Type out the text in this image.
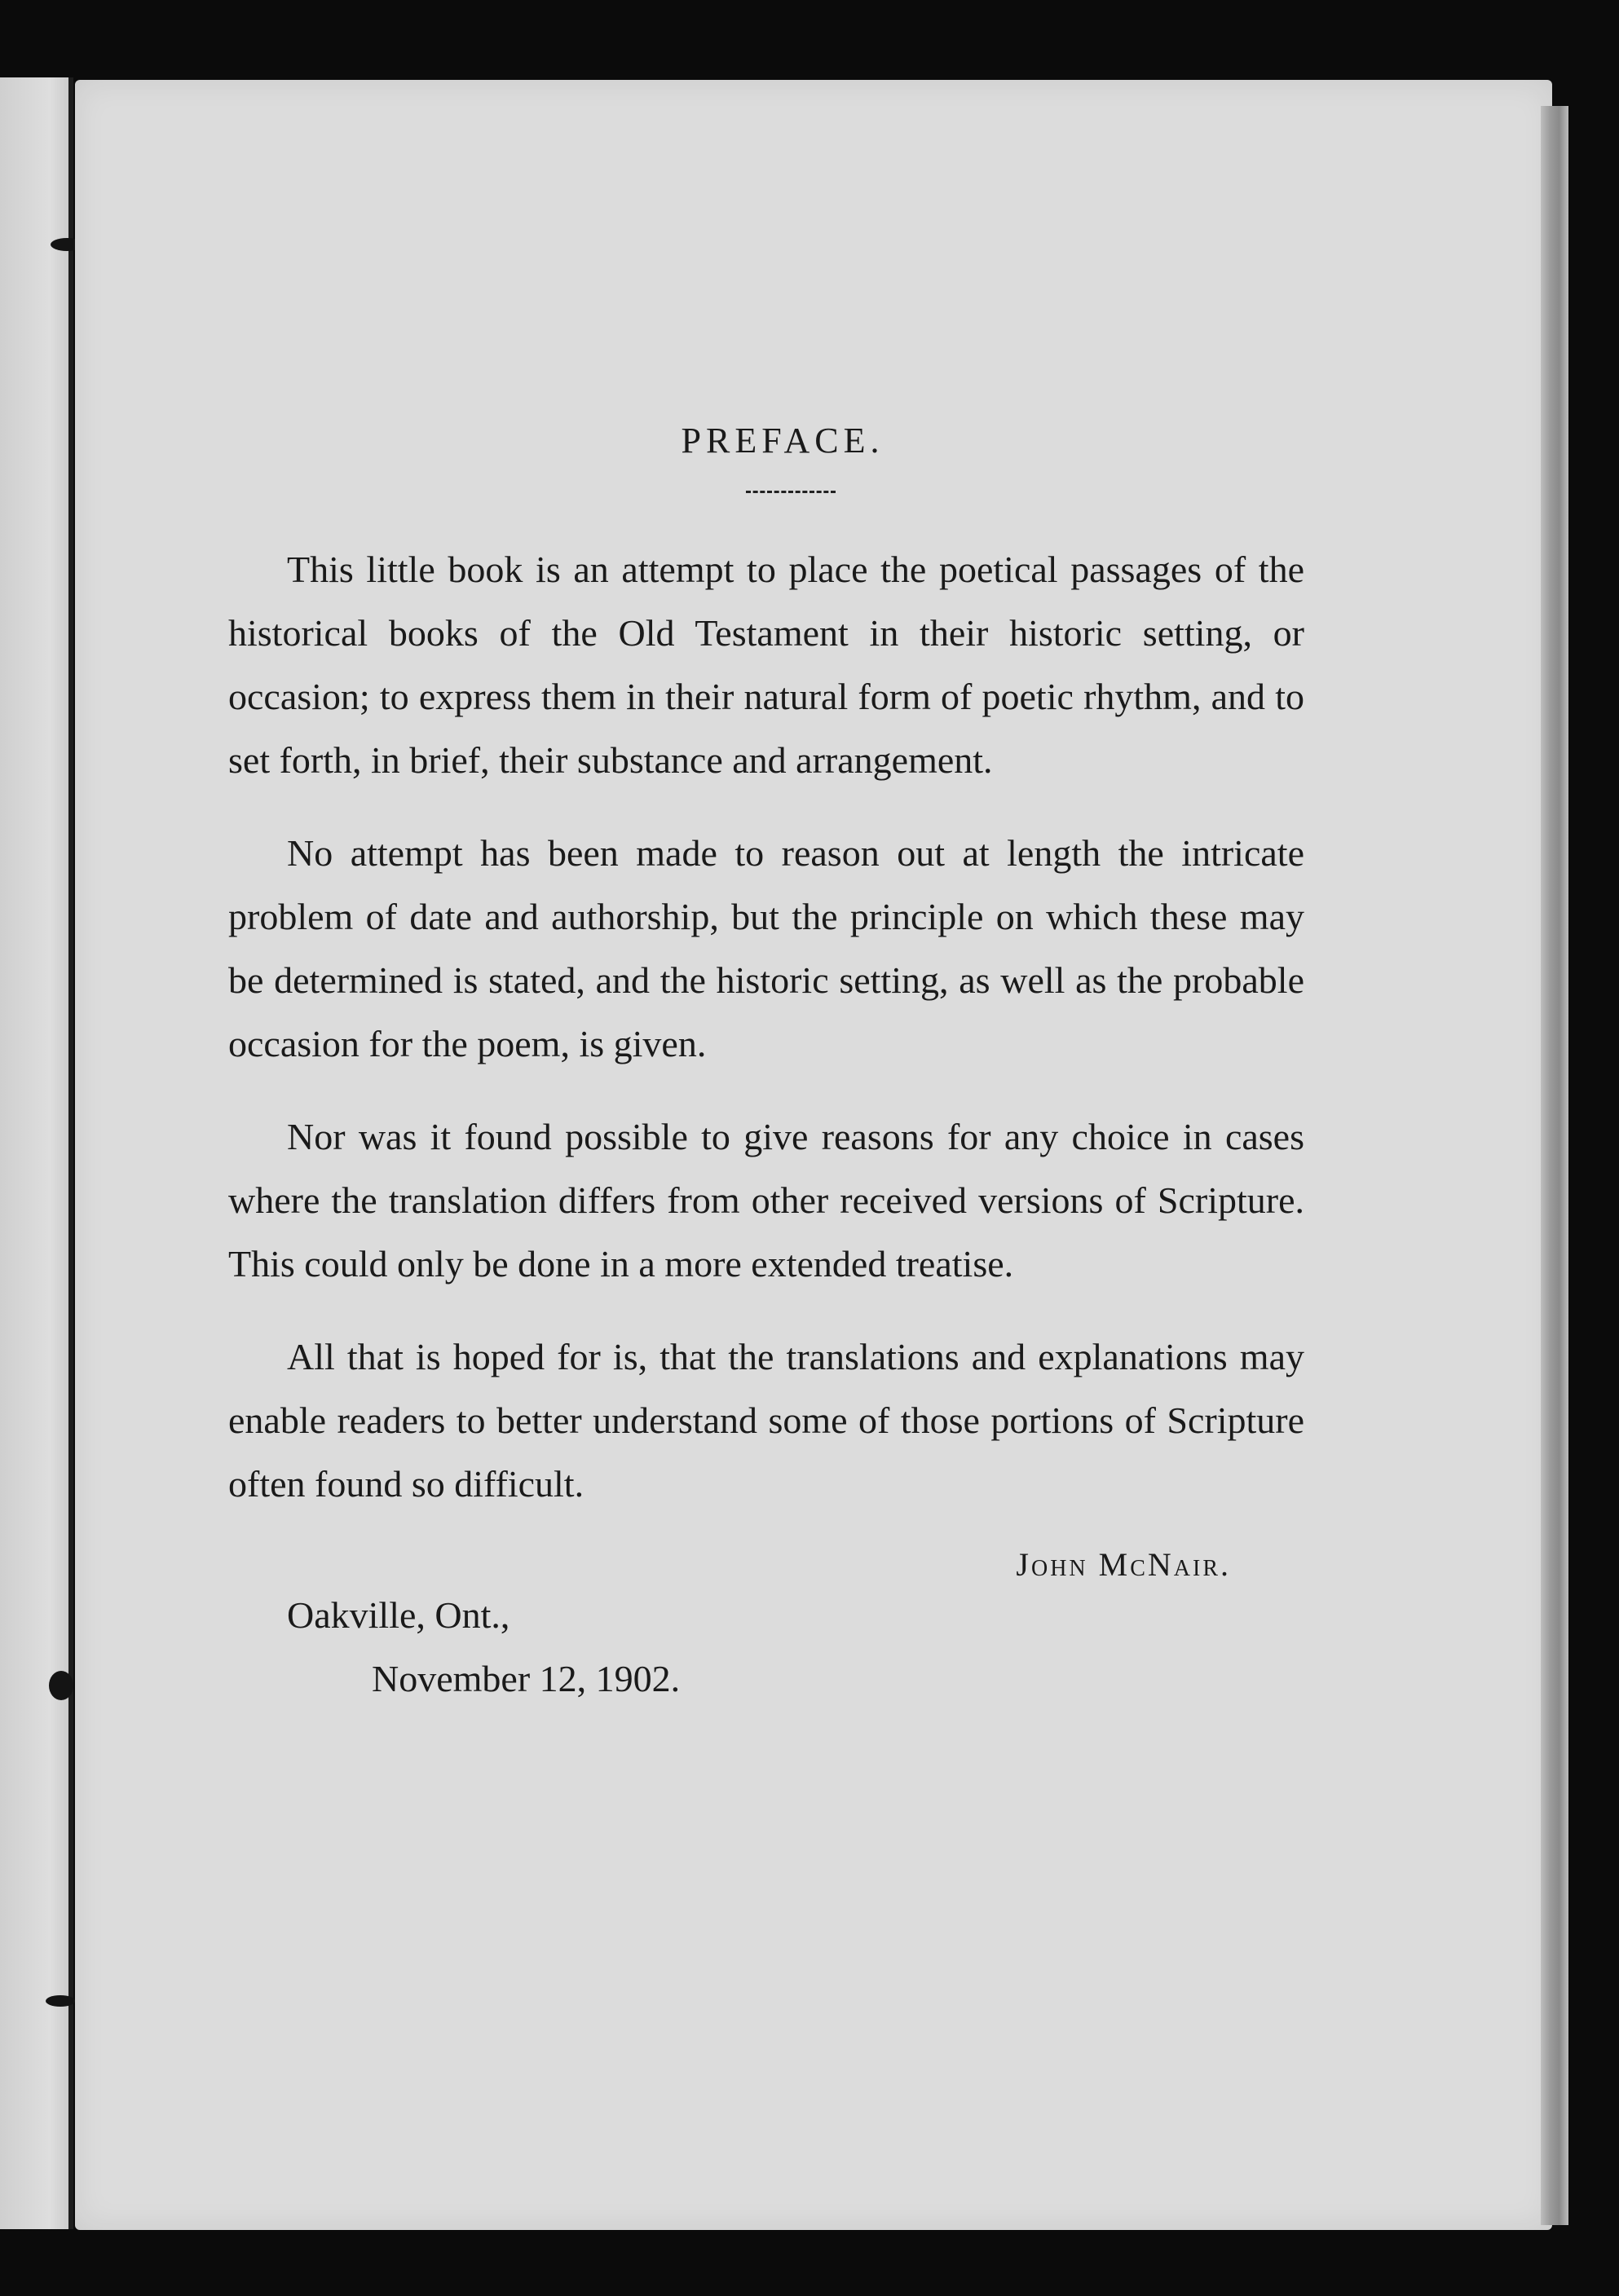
PREFACE.

This little book is an attempt to place the poetical passages of the historical books of the Old Testament in their historic setting, or occasion; to express them in their natural form of poetic rhythm, and to set forth, in brief, their substance and arrangement.

No attempt has been made to reason out at length the intricate problem of date and authorship, but the principle on which these may be determined is stated, and the historic setting, as well as the probable occasion for the poem, is given.

Nor was it found possible to give reasons for any choice in cases where the translation differs from other received versions of Scripture. This could only be done in a more extended treatise.

All that is hoped for is, that the translations and explanations may enable readers to better understand some of those portions of Scripture often found so difficult.

John McNair.

Oakville, Ont.,

November 12, 1902.
